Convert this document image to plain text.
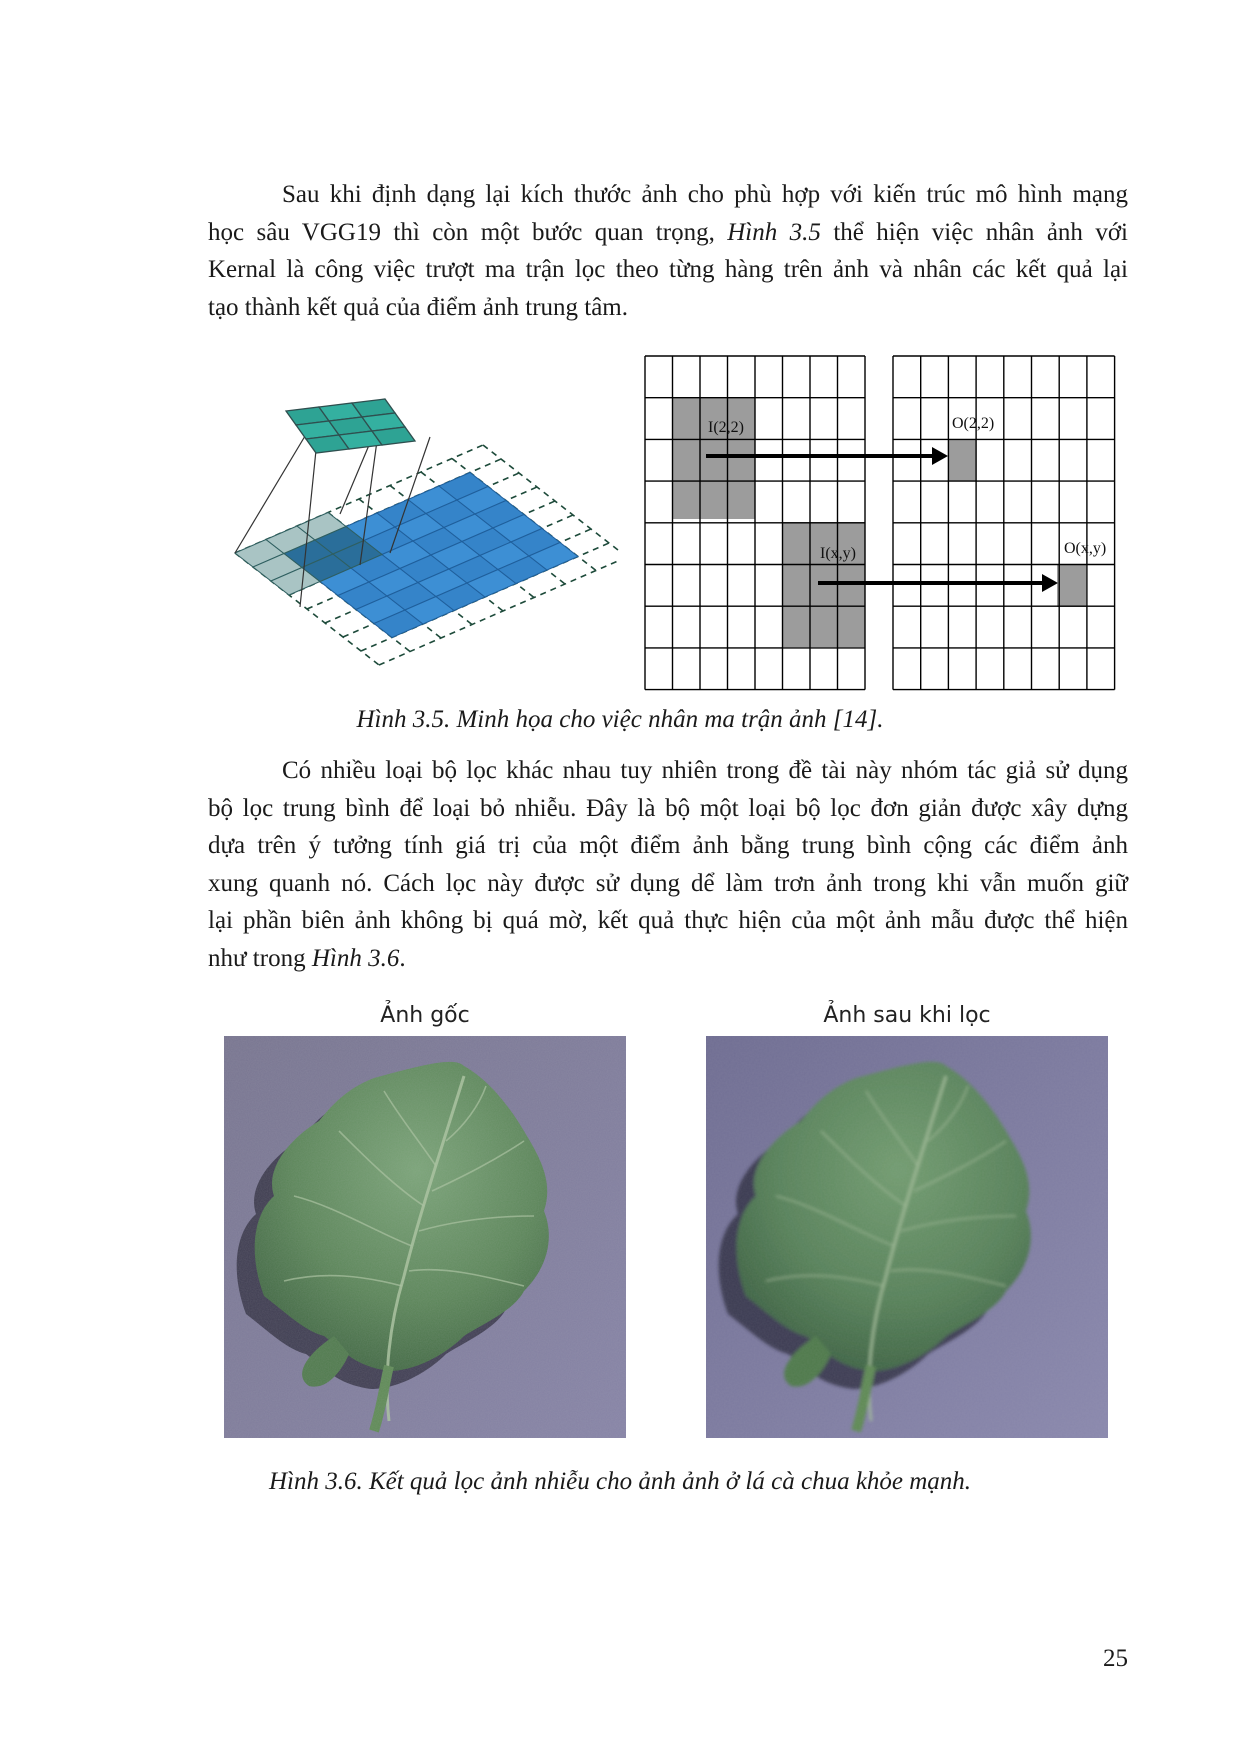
Sau khi định dạng lại kích thước ảnh cho phù hợp với kiến trúc mô hình mạng
học sâu VGG19 thì còn một bước quan trọng, Hình 3.5 thể hiện việc nhân ảnh với
Kernal là công việc trượt ma trận lọc theo từng hàng trên ảnh và nhân các kết quả lại
tạo thành kết quả của điểm ảnh trung tâm.
I(2,2)
I(x,y)
O(2,2)
O(x,y)

Hình 3.5. Minh họa cho việc nhân ma trận ảnh [14].

Có nhiều loại bộ lọc khác nhau tuy nhiên trong đề tài này nhóm tác giả sử dụng
bộ lọc trung bình để loại bỏ nhiễu. Đây là bộ một loại bộ lọc đơn giản được xây dựng
dựa trên ý tưởng tính giá trị của một điểm ảnh bằng trung bình cộng các điểm ảnh
xung quanh nó. Cách lọc này được sử dụng dể làm trơn ảnh trong khi vẫn muốn giữ
lại phần biên ảnh không bị quá mờ, kết quả thực hiện của một ảnh mẫu được thể hiện
như trong Hình 3.6.
Ảnh gốc	Ảnh sau khi lọc

Hình 3.6. Kết quả lọc ảnh nhiễu cho ảnh ảnh ở lá cà chua khỏe mạnh.

25
